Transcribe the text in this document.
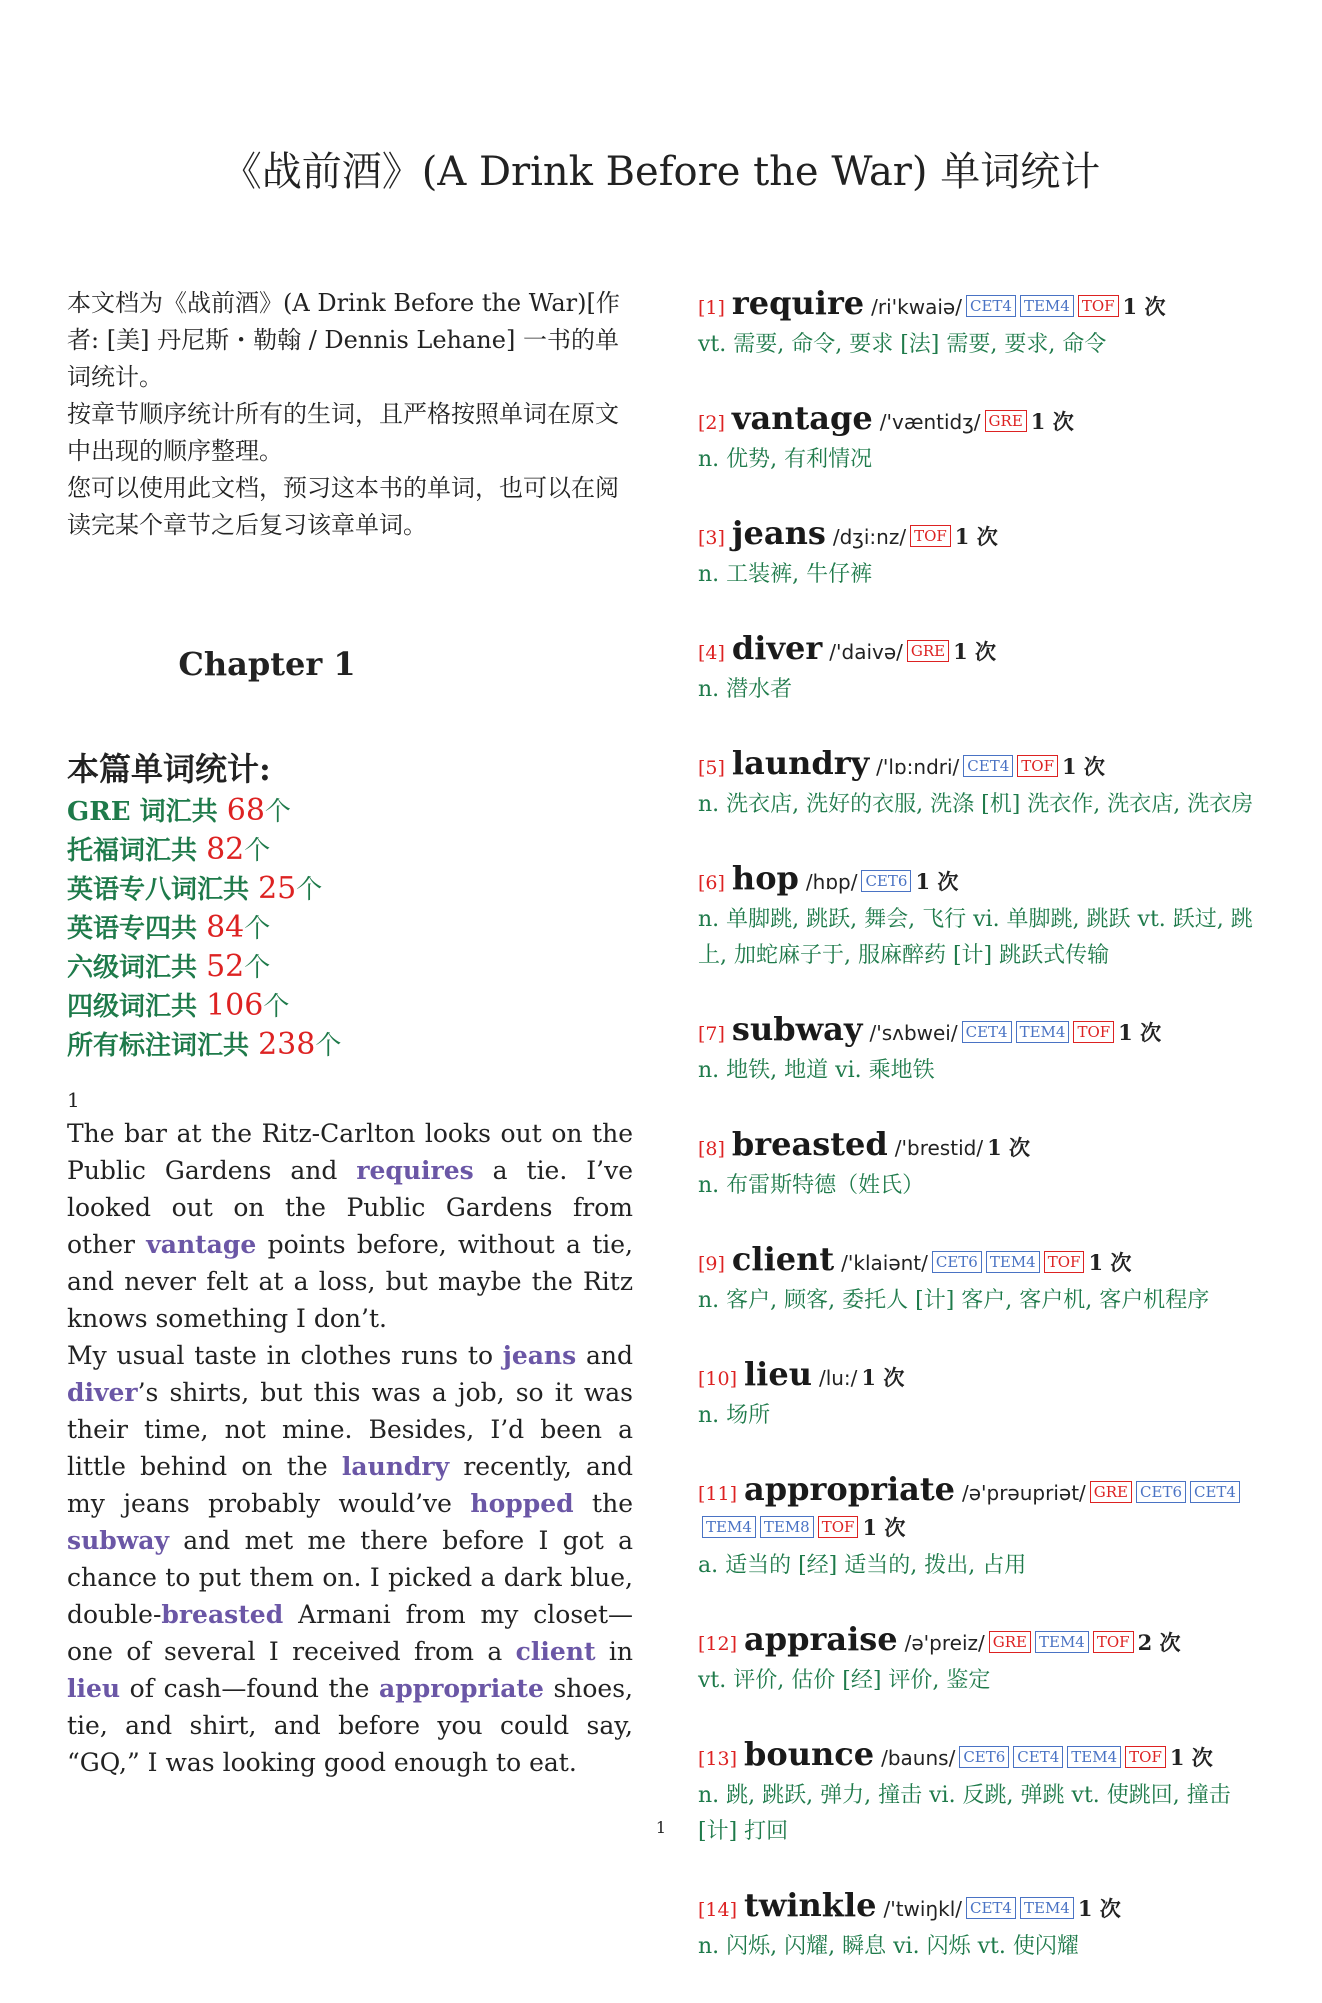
《战前酒》(A Drink Before the War) 单词统计

本文档为《战前酒》(A Drink Before the War)[作者: [美] 丹尼斯・勒翰 / Dennis Lehane] 一书的单词统计。

按章节顺序统计所有的生词，且严格按照单词在原文中出现的顺序整理。

您可以使用此文档，预习这本书的单词，也可以在阅读完某个章节之后复习该章单词。

Chapter 1
本篇单词统计:
GRE 词汇共 68个
托福词汇共 82个
英语专八词汇共 25个
英语专四共 84个
六级词汇共 52个
四级词汇共 106个
所有标注词汇共 238个
1

The bar at the Ritz-Carlton looks out on the Public Gardens and requires a tie. I’ve looked out on the Public Gardens from other vantage points before, without a tie, and never felt at a loss, but maybe the Ritz knows something I don’t.

My usual taste in clothes runs to jeans and diver’s shirts, but this was a job, so it was their time, not mine. Besides, I’d been a little behind on the laundry recently, and my jeans probably would’ve hopped the subway and met me there before I got a chance to put them on. I picked a dark blue, double-breasted Armani from my closet—one of several I received from a client in lieu of cash—found the appropriate shoes, tie, and shirt, and before you could say, “GQ,” I was looking good enough to eat.

[1] require /ri'kwaiə/ CET4 TEM4 TOF 1 次
vt. 需要, 命令, 要求 [法] 需要, 要求, 命令
[2] vantage /'væntidʒ/ GRE 1 次
n. 优势, 有利情况
[3] jeans /dʒi:nz/ TOF 1 次
n. 工装裤, 牛仔裤
[4] diver /'daivə/ GRE 1 次
n. 潜水者
[5] laundry /'lɒ:ndri/ CET4 TOF 1 次
n. 洗衣店, 洗好的衣服, 洗涤 [机] 洗衣作, 洗衣店, 洗衣房
[6] hop /hɒp/ CET6 1 次
n. 单脚跳, 跳跃, 舞会, 飞行 vi. 单脚跳, 跳跃 vt. 跃过, 跳上, 加蛇麻子于, 服麻醉药 [计] 跳跃式传输
[7] subway /'sʌbwei/ CET4 TEM4 TOF 1 次
n. 地铁, 地道 vi. 乘地铁
[8] breasted /'brestid/ 1 次
n. 布雷斯特德（姓氏）
[9] client /'klaiənt/ CET6 TEM4 TOF 1 次
n. 客户, 顾客, 委托人 [计] 客户, 客户机, 客户机程序
[10] lieu /lu:/ 1 次
n. 场所
[11] appropriate /ə'prəupriət/ GRE CET6 CET4TEM4 TEM8 TOF 1 次
a. 适当的 [经] 适当的, 拨出, 占用
[12] appraise /ə'preiz/ GRE TEM4 TOF 2 次
vt. 评价, 估价 [经] 评价, 鉴定
[13] bounce /bauns/ CET6 CET4 TEM4 TOF 1 次
n. 跳, 跳跃, 弹力, 撞击 vi. 反跳, 弹跳 vt. 使跳回, 撞击 [计] 打回
[14] twinkle /'twiŋkl/ CET4 TEM4 1 次
n. 闪烁, 闪耀, 瞬息 vi. 闪烁 vt. 使闪耀
1
